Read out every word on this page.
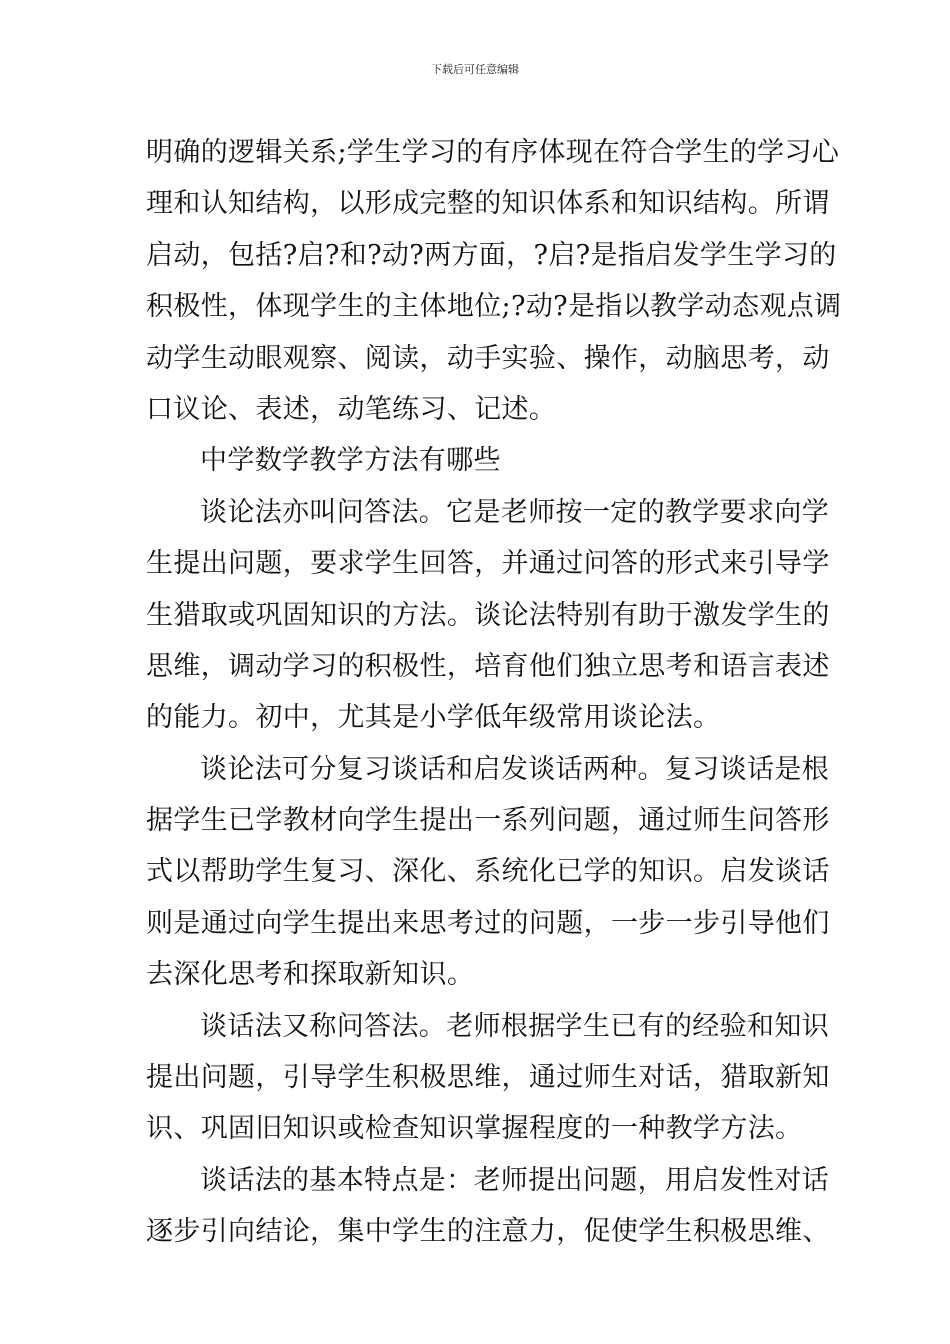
下载后可任意编辑
明确的逻辑关系;学生学习的有序体现在符合学生的学习心
理和认知结构，以形成完整的知识体系和知识结构。所谓
启动，包括?启?和?动?两方面，?启?是指启发学生学习的
积极性，体现学生的主体地位;?动?是指以教学动态观点调
动学生动眼观察、阅读，动手实验、操作，动脑思考，动
口议论、表述，动笔练习、记述。
中学数学教学方法有哪些
谈论法亦叫问答法。它是老师按一定的教学要求向学
生提出问题，要求学生回答，并通过问答的形式来引导学
生猎取或巩固知识的方法。谈论法特别有助于激发学生的
思维，调动学习的积极性，培育他们独立思考和语言表述
的能力。初中，尤其是小学低年级常用谈论法。
谈论法可分复习谈话和启发谈话两种。复习谈话是根
据学生已学教材向学生提出一系列问题，通过师生问答形
式以帮助学生复习、深化、系统化已学的知识。启发谈话
则是通过向学生提出来思考过的问题，一步一步引导他们
去深化思考和探取新知识。
谈话法又称问答法。老师根据学生已有的经验和知识
提出问题，引导学生积极思维，通过师生对话，猎取新知
识、巩固旧知识或检查知识掌握程度的一种教学方法。
谈话法的基本特点是：老师提出问题，用启发性对话
逐步引向结论，集中学生的注意力，促使学生积极思维、
